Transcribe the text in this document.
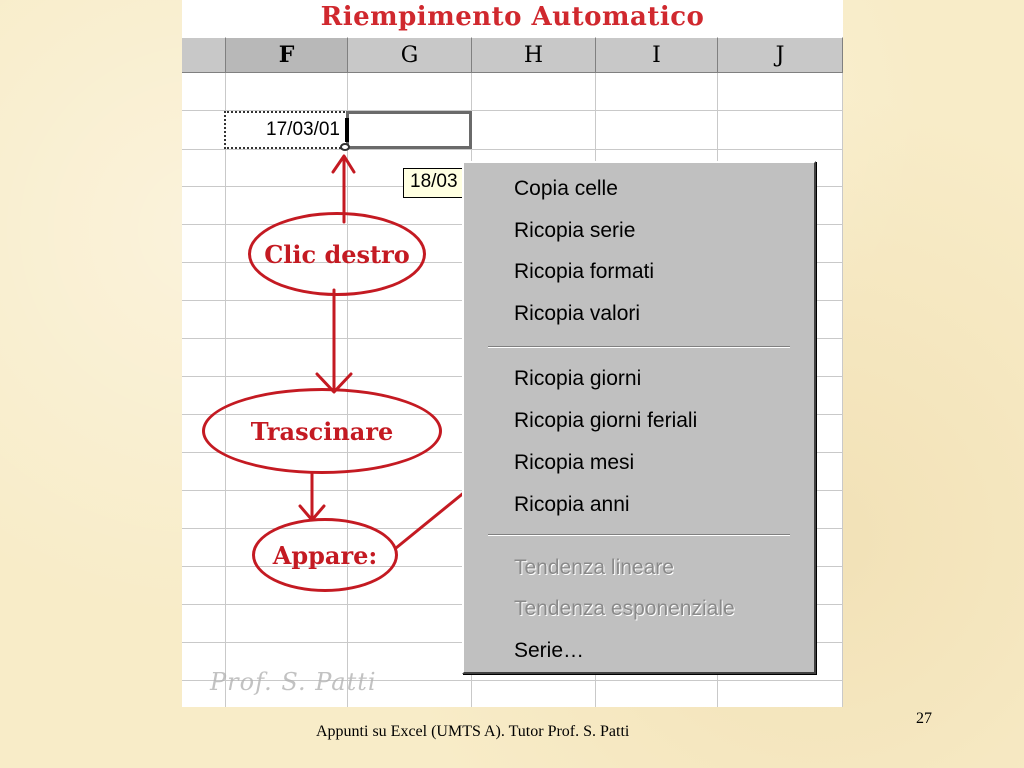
Riempimento Automatico
F	G	H	I	J
17/03/01
18/03
Clic destro
Trascinare
Appare:
Copia celle
Ricopia serie
Ricopia formati
Ricopia valori
Ricopia giorni
Ricopia giorni feriali
Ricopia mesi
Ricopia anni
Tendenza lineare
Tendenza esponenziale
Serie…
Prof. S. Patti
Appunti su Excel (UMTS A). Tutor Prof. S. Patti
27
